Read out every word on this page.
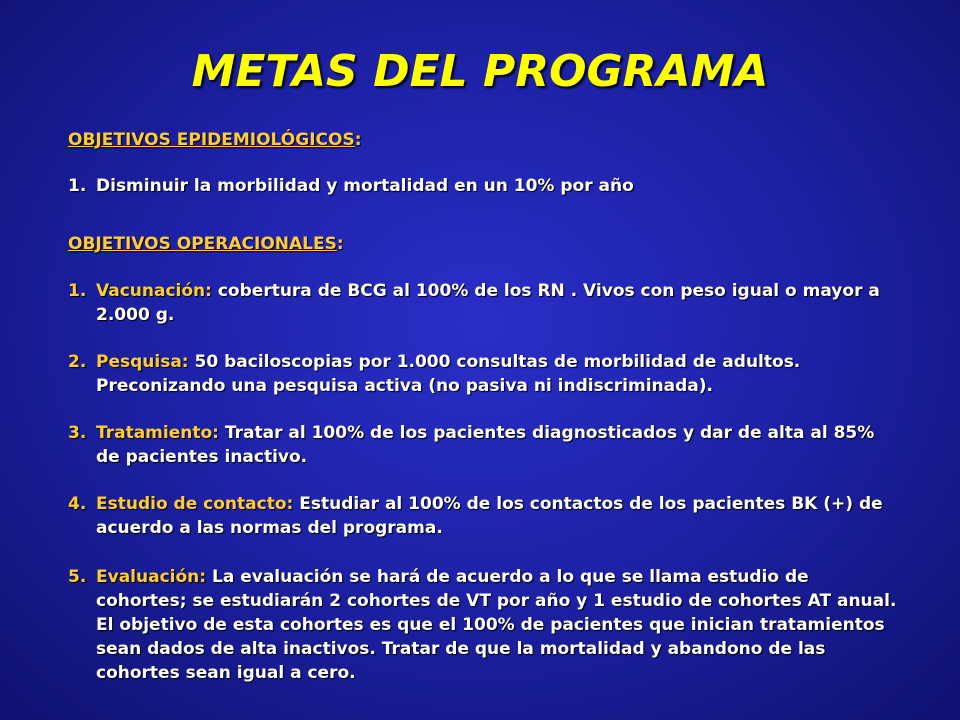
METAS DEL PROGRAMA
OBJETIVOS EPIDEMIOLÓGICOS:
1. Disminuir la morbilidad y mortalidad en un 10% por año
OBJETIVOS OPERACIONALES:
1. Vacunación: cobertura de BCG al 100% de los RN . Vivos con peso igual o mayor a 2.000 g.
2. Pesquisa: 50 baciloscopias por 1.000 consultas de morbilidad de adultos. Preconizando una pesquisa activa (no pasiva ni indiscriminada).
3. Tratamiento: Tratar al 100% de los pacientes diagnosticados y dar de alta al 85% de pacientes inactivo.
4. Estudio de contacto: Estudiar al 100% de los contactos de los pacientes BK (+) de acuerdo a las normas del programa.
5. Evaluación: La evaluación se hará de acuerdo a lo que se llama estudio de cohortes; se estudiarán 2 cohortes de VT por año y 1 estudio de cohortes AT anual. El objetivo de esta cohortes es que el 100% de pacientes que inician tratamientos sean dados de alta inactivos. Tratar de que la mortalidad y abandono de las cohortes sean igual a cero.
